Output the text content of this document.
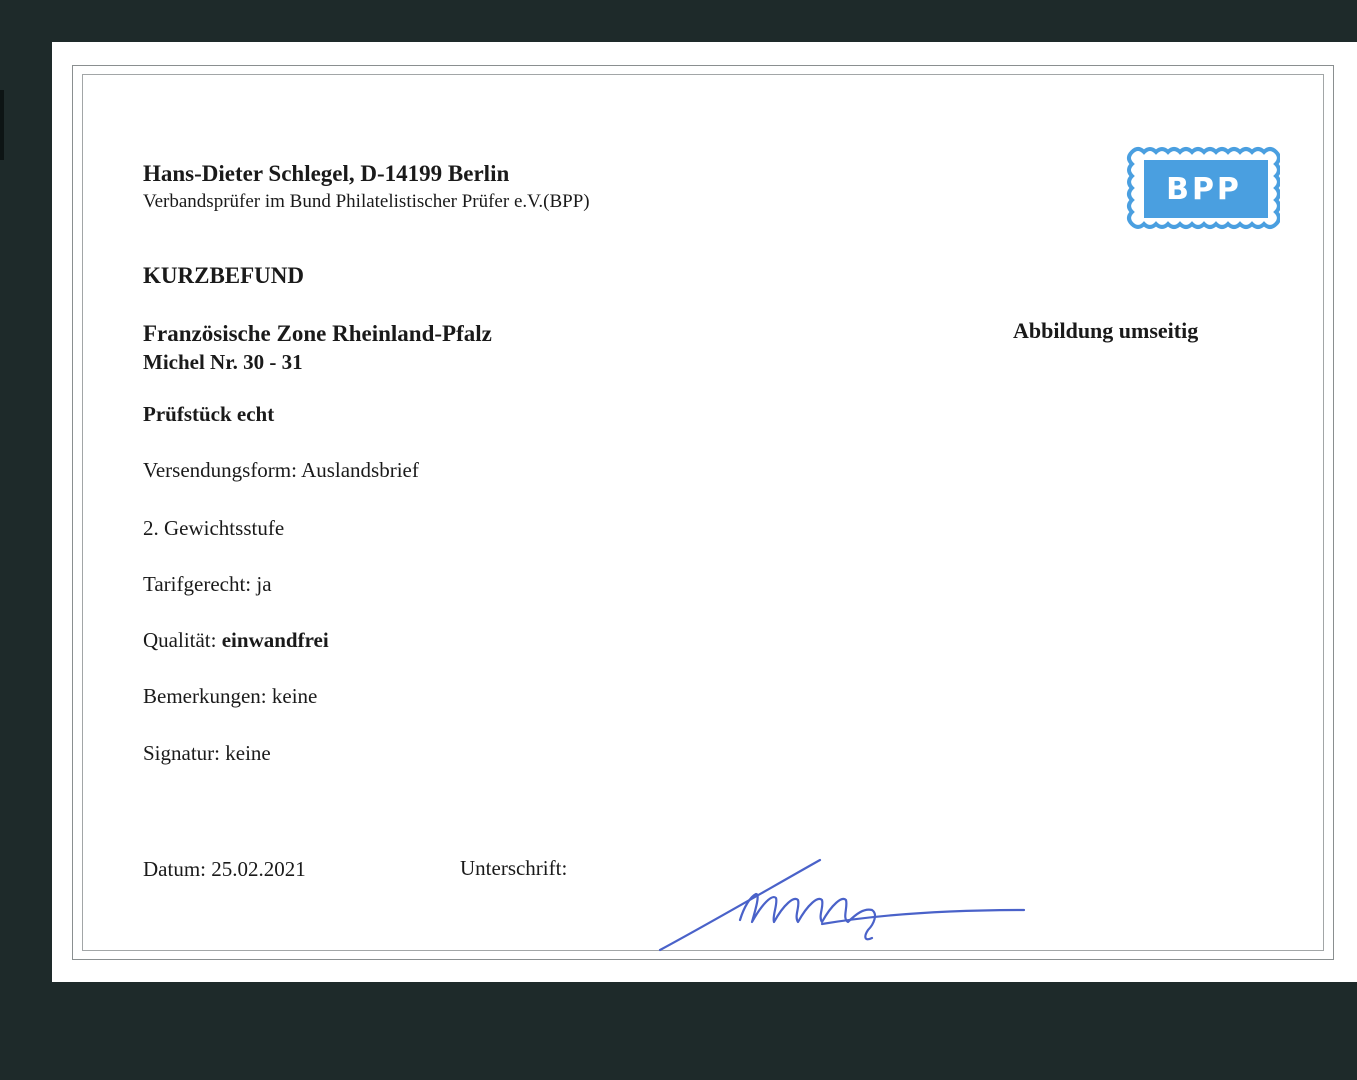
Hans-Dieter Schlegel, D-14199 Berlin
Verbandsprüfer im Bund Philatelistischer Prüfer e.V.(BPP)	BPP
KURZBEFUND
Französische Zone Rheinland-Pfalz
Michel Nr. 30 - 31
Abbildung umseitig
Prüfstück echt
Versendungsform: Auslandsbrief
2. Gewichtsstufe
Tarifgerecht: ja
Qualität: einwandfrei
Bemerkungen: keine
Signatur: keine
Datum: 25.02.2021	Unterschrift:
